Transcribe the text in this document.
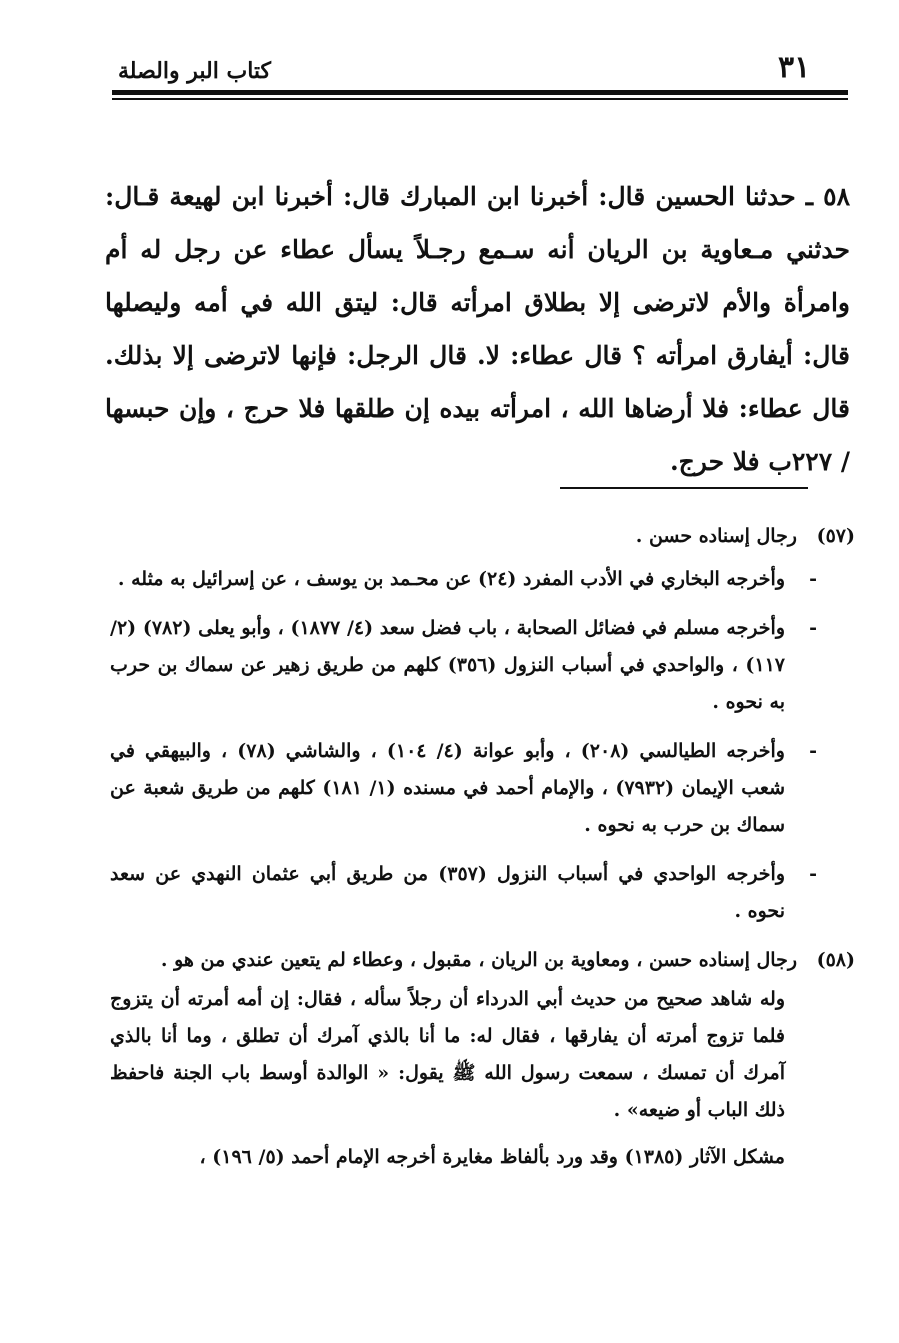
كتاب البر والصلة	٣١

٥٨ ـ حدثنا الحسين قال: أخبرنا ابن المبارك قال: أخبرنا ابن لهيعة قـال: حدثني مـعاوية بن الريان أنه سـمع رجـلاً يسأل عطاء عن رجل له أم وامرأة والأم لاترضى إلا بطلاق امرأته قال: ليتق الله في أمه وليصلها قال: أيفارق امرأته ؟ قال عطاء: لا. قال الرجل: فإنها لاترضى إلا بذلك. قال عطاء: فلا أرضاها الله ، امرأته بيده إن طلقها فلا حرج ، وإن حبسها / ٢٢٧ب فلا حرج.

(٥٧)
رجال إسناده حسن .
-
وأخرجه البخاري في الأدب المفرد (٢٤) عن محـمد بن يوسف ، عن إسرائيل به مثله .
-
وأخرجه مسلم في فضائل الصحابة ، باب فضل سعد (٤/ ١٨٧٧) ، وأبو يعلى (٧٨٢) (٢/ ١١٧) ، والواحدي في أسباب النزول (٣٥٦) كلهم من طريق زهير عن سماك بن حرب به نحوه .
-
وأخرجه الطيالسي (٢٠٨) ، وأبو عوانة (٤/ ١٠٤) ، والشاشي (٧٨) ، والبيهقي في شعب الإيمان (٧٩٣٢) ، والإمام أحمد في مسنده (١/ ١٨١) كلهم من طريق شعبة عن سماك بن حرب به نحوه .
-
وأخرجه الواحدي في أسباب النزول (٣٥٧) من طريق أبي عثمان النهدي عن سعد نحوه .
(٥٨)
رجال إسناده حسن ، ومعاوية بن الريان ، مقبول ، وعطاء لم يتعين عندي من هو .
وله شاهد صحيح من حديث أبي الدرداء أن رجلاً سأله ، فقال: إن أمه أمرته أن يتزوج فلما تزوج أمرته أن يفارقها ، فقال له: ما أنا بالذي آمرك أن تطلق ، وما أنا بالذي آمرك أن تمسك ، سمعت رسول الله ﷺ يقول: « الوالدة أوسط باب الجنة فاحفظ ذلك الباب أو ضيعه» .
مشكل الآثار (١٣٨٥) وقد ورد بألفاظ مغايرة أخرجه الإمام أحمد (٥/ ١٩٦) ،
